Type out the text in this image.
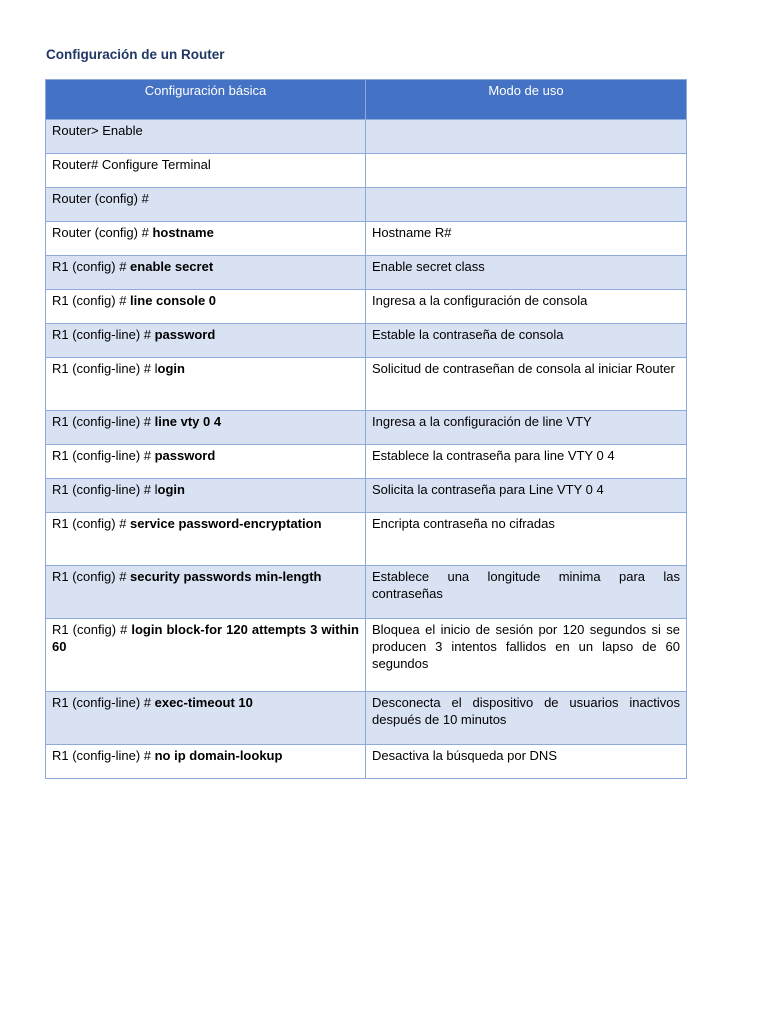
Configuración de un Router
Configuración básica	Modo de uso
Router> Enable	
Router# Configure Terminal	
Router (config) #	
Router (config) # hostname	Hostname R#
R1 (config) # enable secret	Enable secret class
R1 (config) # line console 0	Ingresa a la configuración de consola
R1 (config-line) # password	Estable la contraseña de consola
R1 (config-line) # login	Solicitud de contraseñan de consola al iniciar Router
R1 (config-line) # line vty 0 4	Ingresa a la configuración de line VTY
R1 (config-line) # password	Establece la contraseña para line VTY 0 4
R1 (config-line) # login	Solicita la contraseña para Line VTY 0 4
R1 (config) # service password-encryptation	Encripta contraseña no cifradas
R1 (config) # security passwords min-length	Establece una longitude minima para las contraseñas
R1 (config) # login block-for 120 attempts 3 within 60	Bloquea el inicio de sesión por 120 segundos si se producen 3 intentos fallidos en un lapso de 60 segundos
R1 (config-line) # exec-timeout 10	Desconecta el dispositivo de usuarios inactivos después de 10 minutos
R1 (config-line) # no ip domain-lookup	Desactiva la búsqueda por DNS
